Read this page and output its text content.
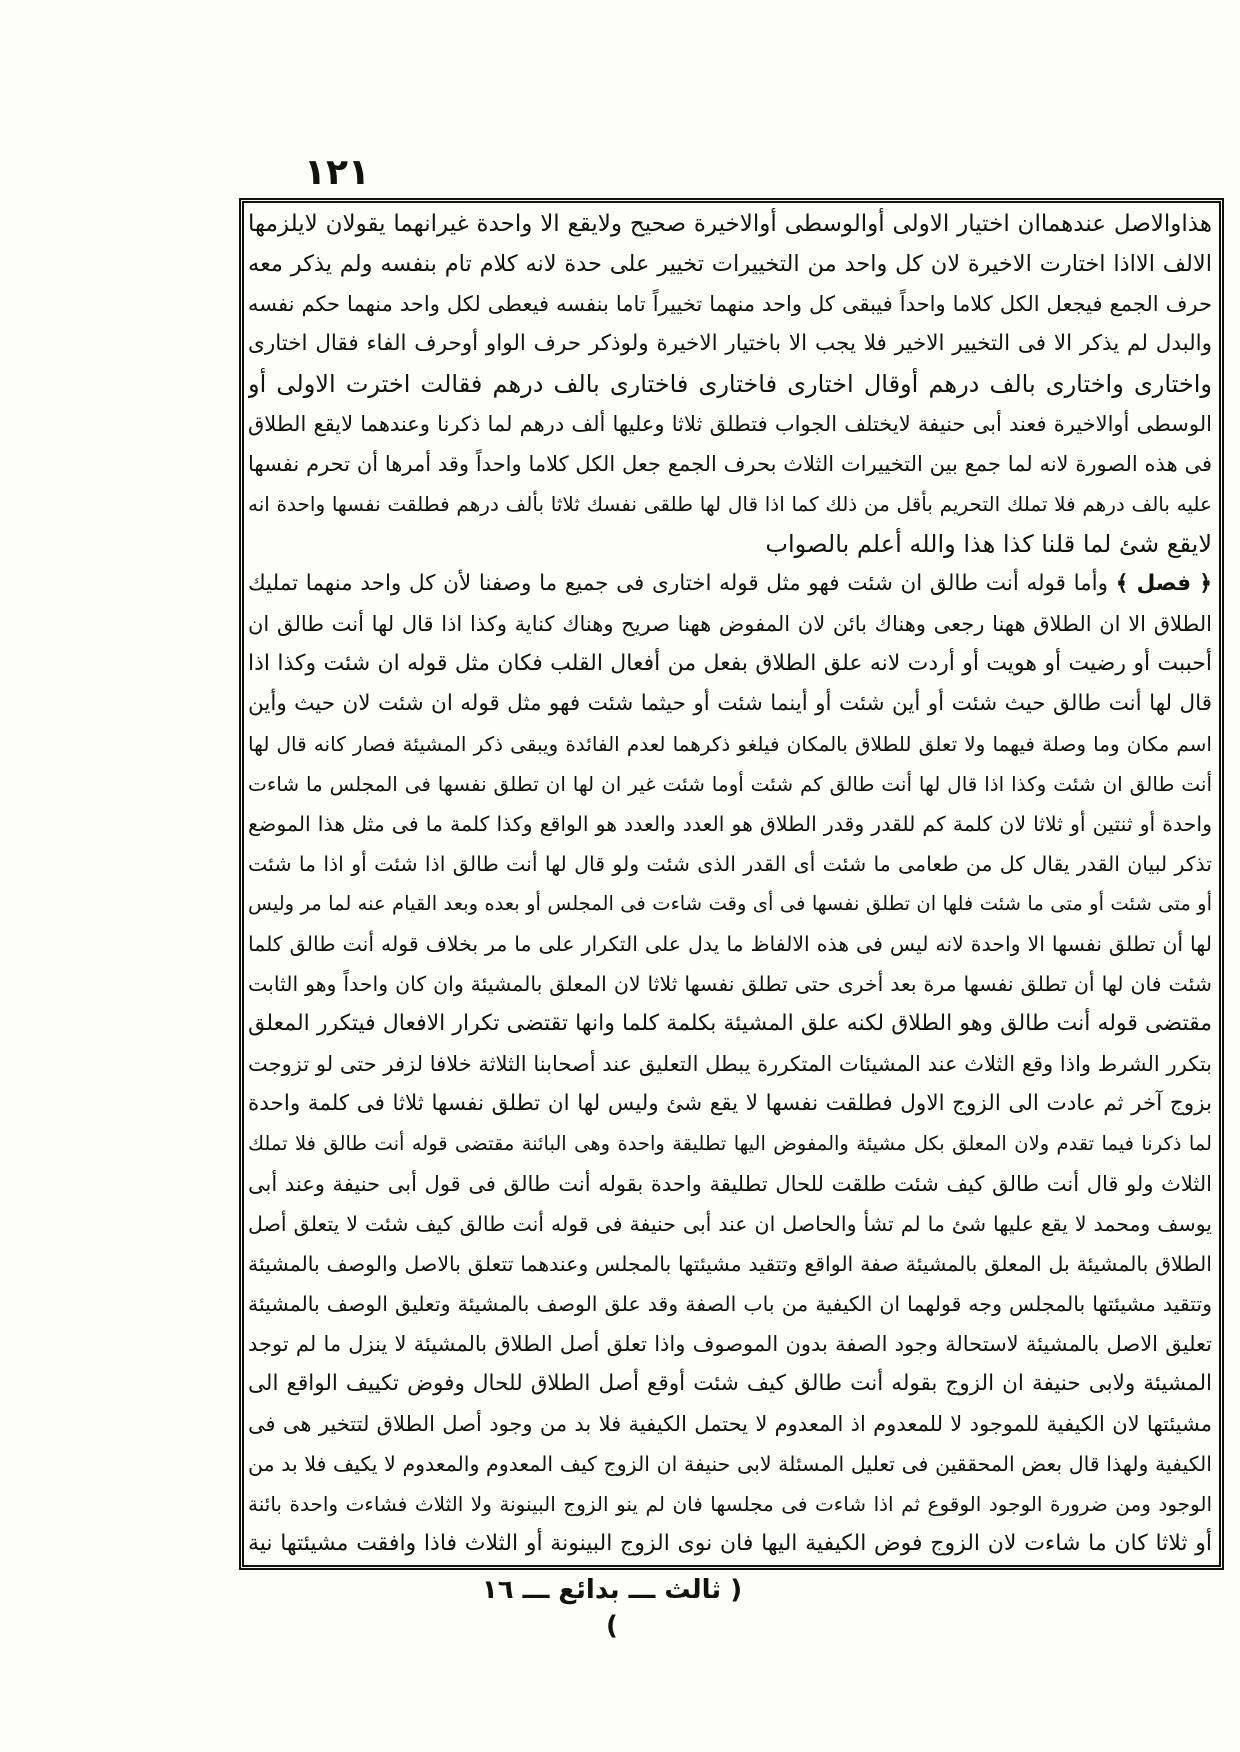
١٢١
هذاوالاصل عندهماان اختيار الاولى أوالوسطى أوالاخيرة صحيح ولايقع الا واحدة غيرانهما يقولان لايلزمها
الالف الااذا اختارت الاخيرة لان كل واحد من التخييرات تخيير على حدة لانه كلام تام بنفسه ولم يذكر معه
حرف الجمع فيجعل الكل كلاما واحداً فيبقى كل واحد منهما تخييراً تاما بنفسه فيعطى لكل واحد منهما حكم نفسه
والبدل لم يذكر الا فى التخيير الاخير فلا يجب الا باختيار الاخيرة ولوذكر حرف الواو أوحرف الفاء فقال اختارى
واختارى واختارى بالف درهم أوقال اختارى فاختارى فاختارى بالف درهم فقالت اخترت الاولى أو
الوسطى أوالاخيرة فعند أبى حنيفة لايختلف الجواب فتطلق ثلاثا وعليها ألف درهم لما ذكرنا وعندهما لايقع الطلاق
فى هذه الصورة لانه لما جمع بين التخييرات الثلاث بحرف الجمع جعل الكل كلاما واحداً وقد أمرها أن تحرم نفسها
عليه بالف درهم فلا تملك التحريم بأقل من ذلك كما اذا قال لها طلقى نفسك ثلاثا بألف درهم فطلقت نفسها واحدة انه
لايقع شئ لما قلنا كذا هذا والله أعلم بالصواب
﴿ فصل ﴾ وأما قوله أنت طالق ان شئت فهو مثل قوله اختارى فى جميع ما وصفنا لأن كل واحد منهما تمليك
الطلاق الا ان الطلاق ههنا رجعى وهناك بائن لان المفوض ههنا صريح وهناك كناية وكذا اذا قال لها أنت طالق ان
أحببت أو رضيت أو هويت أو أردت لانه علق الطلاق بفعل من أفعال القلب فكان مثل قوله ان شئت وكذا اذا
قال لها أنت طالق حيث شئت أو أين شئت أو أينما شئت أو حيثما شئت فهو مثل قوله ان شئت لان حيث وأين
اسم مكان وما وصلة فيهما ولا تعلق للطلاق بالمكان فيلغو ذكرهما لعدم الفائدة ويبقى ذكر المشيئة فصار كانه قال لها
أنت طالق ان شئت وكذا اذا قال لها أنت طالق كم شئت أوما شئت غير ان لها ان تطلق نفسها فى المجلس ما شاءت
واحدة أو ثنتين أو ثلاثا لان كلمة كم للقدر وقدر الطلاق هو العدد والعدد هو الواقع وكذا كلمة ما فى مثل هذا الموضع
تذكر لبيان القدر يقال كل من طعامى ما شئت أى القدر الذى شئت ولو قال لها أنت طالق اذا شئت أو اذا ما شئت
أو متى شئت أو متى ما شئت فلها ان تطلق نفسها فى أى وقت شاءت فى المجلس أو بعده وبعد القيام عنه لما مر وليس
لها أن تطلق نفسها الا واحدة لانه ليس فى هذه الالفاظ ما يدل على التكرار على ما مر بخلاف قوله أنت طالق كلما
شئت فان لها أن تطلق نفسها مرة بعد أخرى حتى تطلق نفسها ثلاثا لان المعلق بالمشيئة وان كان واحداً وهو الثابت
مقتضى قوله أنت طالق وهو الطلاق لكنه علق المشيئة بكلمة كلما وانها تقتضى تكرار الافعال فيتكرر المعلق
بتكرر الشرط واذا وقع الثلاث عند المشيئات المتكررة يبطل التعليق عند أصحابنا الثلاثة خلافا لزفر حتى لو تزوجت
بزوج آخر ثم عادت الى الزوج الاول فطلقت نفسها لا يقع شئ وليس لها ان تطلق نفسها ثلاثا فى كلمة واحدة
لما ذكرنا فيما تقدم ولان المعلق بكل مشيئة والمفوض اليها تطليقة واحدة وهى البائنة مقتضى قوله أنت طالق فلا تملك
الثلاث ولو قال أنت طالق كيف شئت طلقت للحال تطليقة واحدة بقوله أنت طالق فى قول أبى حنيفة وعند أبى
يوسف ومحمد لا يقع عليها شئ ما لم تشأ والحاصل ان عند أبى حنيفة فى قوله أنت طالق كيف شئت لا يتعلق أصل
الطلاق بالمشيئة بل المعلق بالمشيئة صفة الواقع وتتقيد مشيئتها بالمجلس وعندهما تتعلق بالاصل والوصف بالمشيئة
وتتقيد مشيئتها بالمجلس وجه قولهما ان الكيفية من باب الصفة وقد علق الوصف بالمشيئة وتعليق الوصف بالمشيئة
تعليق الاصل بالمشيئة لاستحالة وجود الصفة بدون الموصوف واذا تعلق أصل الطلاق بالمشيئة لا ينزل ما لم توجد
المشيئة ولابى حنيفة ان الزوج بقوله أنت طالق كيف شئت أوقع أصل الطلاق للحال وفوض تكييف الواقع الى
مشيئتها لان الكيفية للموجود لا للمعدوم اذ المعدوم لا يحتمل الكيفية فلا بد من وجود أصل الطلاق لتتخير هى فى
الكيفية ولهذا قال بعض المحققين فى تعليل المسئلة لابى حنيفة ان الزوج كيف المعدوم والمعدوم لا يكيف فلا بد من
الوجود ومن ضرورة الوجود الوقوع ثم اذا شاءت فى مجلسها فان لم ينو الزوج البينونة ولا الثلاث فشاءت واحدة بائنة
أو ثلاثا كان ما شاءت لان الزوج فوض الكيفية اليها فان نوى الزوج البينونة أو الثلاث فاذا وافقت مشيئتها نية
( ثالث ـــ بدائع ـــ ١٦ )
